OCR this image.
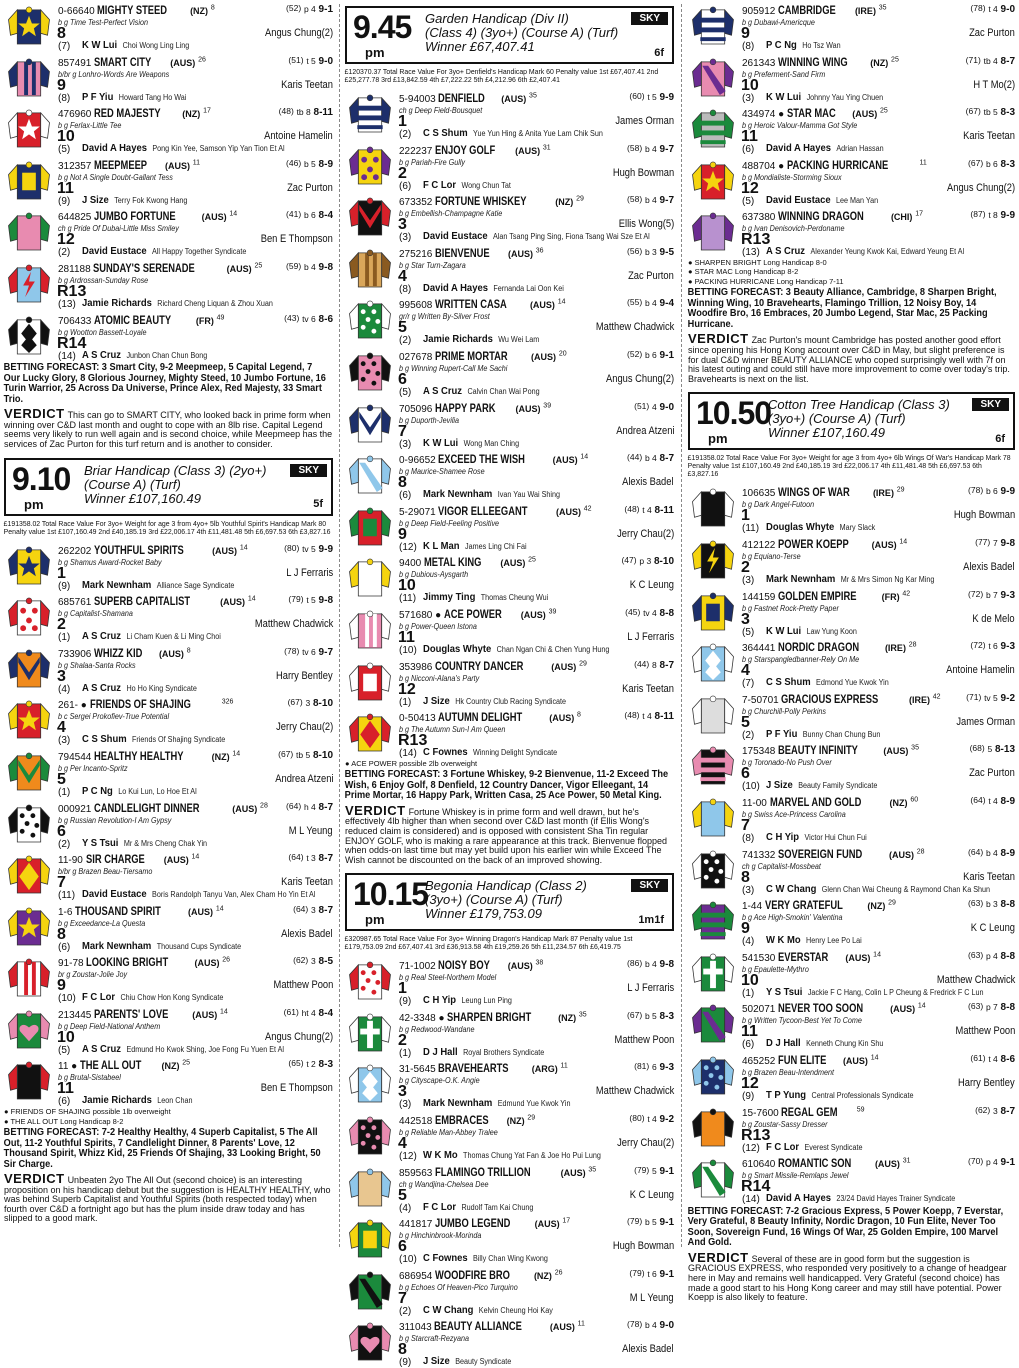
0-66640 MIGHTY STEED	(NZ) $^8$	(52) p 4 9-1
b g Time Test-Perfect Vision
8	Angus Chung(2)
(7) K W Lui Choi Wong Ling Ling
857491 SMART CITY (AUS) $^{26}$	(51) t 5 9-0
b/br g Lonhro-Words Are Weapons
9	Karis Teetan
(8) P F Yiu Howard Tang Ho Wai
476960 RED MAJESTY (NZ) $^{17}$	(48) tb 8 8-11
b g Ferlax-Little Tee
10	Antoine Hamelin
(5) David A Hayes Pong Kin Yee, Samson Yip Yan Tion Et Al
312357 MEEPMEEP (AUS) $^{11}$	(46) b 5 8-9
b g Not A Single Doubt-Gallant Tess
11	Zac Purton
(9) J Size Terry Fok Kwong Hang
644825 JUMBO FORTUNE	(AUS) $^{14}$	(41) b 6 8-4
ch g Pride Of Dubai-Little Miss Smiley
12	Ben E Thompson
(2) David Eustace All Happy Together Syndicate
281188 SUNDAY'S SERENADE	(AUS) $^{25}$	(59) b 4 9-8
b g Ardrossan-Sunday Rose
R13
(13) Jamie Richards Richard Cheng Liquan & Zhou Xuan
706433 ATOMIC BEAUTY	(FR) $^{49}$	(43) tv 6 8-6
b g Wootton Bassett-Loyale
R14
(14) A S Cruz Junbon Chan Chun Bong
BETTING FORECAST: 3 Smart City, 9-2 Meepmeep, 5 Capital Legend, 7 Our Lucky Glory, 8 Glorious Journey, Mighty Steed, 10 Jumbo Fortune, 16 Turin Warrior, 25 Across Da Universe, Prince Alex, Red Majesty, 33 Smart Trio.
VERDICT This can go to SMART CITY, who looked back in prime form when winning over C&D last month and ought to cope with an 8lb rise. Capital Legend seems very likely to run well again and is second choice, while Meepmeep has the services of Zac Purton for this turf return and is another to consider.
9.10
pm
Briar Handicap (Class 3) (2yo+)
(Course A) (Turf)
Winner £107,160.49
SKY
5f
£191358.02 Total Race Value For 3yo+ Weight for age 3 from 4yo+ 5lb Youthful Spirit's Handicap Mark 80 Penalty value 1st £107,160.49 2nd £40,185.19 3rd £22,006.17 4th £11,481.48 5th £6,697.53 6th £3,827.16
262202 YOUTHFUL SPIRITS	(AUS) $^{14}$	(80) tv 5 9-9
b g Shamus Award-Rocket Baby
1	L J Ferraris
(9) Mark Newnham Alliance Sage Syndicate
685761 SUPERB CAPITALIST	(AUS) $^{14}$	(79) t 5 9-8
b g Capitalist-Shamana
2	Matthew Chadwick
(1) A S Cruz Li Cham Kuen & Li Ming Choi
733906 WHIZZ KID (AUS) $^8$	(78) tv 6 9-7
b g Shalaa-Santa Rocks
3	Harry Bentley
(4) A S Cruz Ho Ho King Syndicate
261- ● FRIENDS OF SHAJING	$^{326}$	(67) 3 8-10
b c Sergei Prokofiev-True Potential
4	Jerry Chau(2)
(3) C S Shum Friends Of Shajing Syndicate
794544 HEALTHY HEALTHY	(NZ) $^{14}$	(67) tb 5 8-10
b g Per Incanto-Spritz
5	Andrea Atzeni
(1) P C Ng Lo Kui Lun, Lo Hoe Et Al
000921 CANDLELIGHT DINNER	(AUS) $^{28}$ (64) h 4 8-7
b g Russian Revolution-I Am Gypsy
6	M L Yeung
(2) Y S Tsui Mr & Mrs Cheng Chak Yin
11-90 SIR CHARGE (AUS) $^{14}$	(64) t 3 8-7
b/br g Brazen Beau-Tiersamo
7	Karis Teetan
(11) David Eustace Boris Randolph Tanyu Van, Alex Cham Ho Yin Et Al
1-6 THOUSAND SPIRIT	(AUS) $^{14}$	(64) 3 8-7
b g Exceedance-La Questa
8	Alexis Badel
(6) Mark Newnham Thousand Cups Syndicate
91-78 LOOKING BRIGHT	(AUS) $^{26}$	(62) 3 8-5
br g Zoustar-Jolie Joy
9	Matthew Poon
(10) F C Lor Chiu Chow Hon Kong Syndicate
213445 PARENTS' LOVE	(AUS) $^{14}$	(61) ht 4 8-4
b g Deep Field-National Anthem
10	Angus Chung(2)
(5) A S Cruz Edmund Ho Kwok Shing, Joe Fong Fu Yuen Et Al
11 ● THE ALL OUT (NZ) $^{25}$	(65) t 2 8-3
b g Brutal-Sistabeel
11	Ben E Thompson
(6) Jamie Richards Leon Chan
● FRIENDS OF SHAJING possible 1lb overweight
● THE ALL OUT Long Handicap 8-2
BETTING FORECAST: 7-2 Healthy Healthy, 4 Superb Capitalist, 5 The All Out, 11-2 Youthful Spirits, 7 Candlelight Dinner, 8 Parents' Love, 12 Thousand Spirit, Whizz Kid, 25 Friends Of Shajing, 33 Looking Bright, 50 Sir Charge.
VERDICT Unbeaten 2yo The All Out (second choice) is an interesting proposition on his handicap debut but the suggestion is HEALTHY HEALTHY, who was behind Superb Capitalist and Youthful Spirits (both respected today) when fourth over C&D a fortnight ago but has the plum inside draw today and has slipped to a good mark.
9.45
pm
Garden Handicap (Div II)
(Class 4) (3yo+) (Course A) (Turf)
Winner £67,407.41
SKY
6f
£120370.37 Total Race Value For 3yo+ Denfield's Handicap Mark 60 Penalty value 1st £67,407.41 2nd £25,277.78 3rd £13,842.59 4th £7,222.22 5th £4,212.96 6th £2,407.41
5-94003 DENFIELD (AUS) $^{35}$	(60) t 5 9-9
ch g Deep Field-Bousquet
1	James Orman
(2) C S Shum Yue Yun Hing & Anita Yue Lam Chik Sun
222237 ENJOY GOLF (AUS) $^{31}$	(58) b 4 9-7
b g Pariah-Fire Gully
2	Hugh Bowman
(6) F C Lor Wong Chun Tat
673352 FORTUNE WHISKEY	(NZ) $^{29}$	(58) b 4 9-7
b g Embellish-Champagne Katie
3	Ellis Wong(5)
(3) David Eustace Alan Tsang Ping Sing, Fiona Tsang Wai Sze Et Al
275216 BIENVENUE (AUS) $^{36}$	(56) b 3 9-5
b g Star Turn-Zagara
4	Zac Purton
(8) David A Hayes Fernanda Lai Oon Kei
995608 WRITTEN CASA	(AUS) $^{14}$	(55) b 4 9-4
gr/r g Written By-Silver Frost
5	Matthew Chadwick
(2) Jamie Richards Wu Wei Lam
027678 PRIME MORTAR	(AUS) $^{20}$	(52) b 6 9-1
b g Winning Rupert-Call Me Sachi
6	Angus Chung(2)
(5) A S Cruz Calvin Chan Wai Pong
705096 HAPPY PARK (AUS) $^{39}$	(51) 4 9-0
b g Duporth-Jevilia
7	Andrea Atzeni
(3) K W Lui Wong Man Ching
0-96652 EXCEED THE WISH	(AUS) $^{14}$	(44) b 4 8-7
b g Maurice-Shamee Rose
8	Alexis Badel
(6) Mark Newnham Ivan Yau Wai Shing
5-29071 VIGOR ELLEEGANT	(AUS) $^{42}$	(48) t 4 8-11
b g Deep Field-Feeling Positive
9	Jerry Chau(2)
(12) K L Man James Ling Chi Fai
9400 METAL KING (AUS) $^{25}$	(47) p 3 8-10
b g Dubious-Aysgarth
10	K C Leung
(11) Jimmy Ting Thomas Cheung Wui
571680 ● ACE POWER (AUS) $^{39}$	(45) tv 4 8-8
b g Power-Queen Istona
11	L J Ferraris
(10) Douglas Whyte Chan Ngan Chi & Chen Yung Hung
353986 COUNTRY DANCER	(AUS) $^{29}$	(44) 8 8-7
b g Nicconi-Alana's Party
12	Karis Teetan
(1) J Size Hk Country Club Racing Syndicate
0-50413 AUTUMN DELIGHT	(AUS) $^8$	(48) t 4 8-11
b g The Autumn Sun-I Am Queen
R13
(14) C Fownes Winning Delight Syndicate
● ACE POWER possible 2lb overweight
BETTING FORECAST: 3 Fortune Whiskey, 9-2 Bienvenue, 11-2 Exceed The Wish, 6 Enjoy Golf, 8 Denfield, 12 Country Dancer, Vigor Elleegant, 14 Prime Mortar, 16 Happy Park, Written Casa, 25 Ace Power, 50 Metal King.
VERDICT Fortune Whiskey is in prime form and well drawn, but he's effectively 4lb higher than when second over C&D last month (if Ellis Wong's reduced claim is considered) and is opposed with consistent Sha Tin regular ENJOY GOLF, who is making a rare appearance at this track. Bienvenue flopped when odds-on last time but may yet build upon his earlier win while Exceed The Wish cannot be discounted on the back of an improved showing.
10.15
pm
Begonia Handicap (Class 2)
(3yo+) (Course A) (Turf)
Winner £179,753.09
SKY
1m1f
£320987.65 Total Race Value For 3yo+ Winning Dragon's Handicap Mark 87 Penalty value 1st £179,753.09 2nd £67,407.41 3rd £36,913.58 4th £19,259.26 5th £11,234.57 6th £6,419.75
71-1002 NOISY BOY (AUS) $^{38}$	(86) b 4 9-8
b g Real Steel-Northern Model
1	L J Ferraris
(9) C H Yip Leung Lun Ping
42-3348 ● SHARPEN BRIGHT	(NZ) $^{35}$	(67) b 5 8-3
b g Redwood-Wandane
2	Matthew Poon
(1) D J Hall Royal Brothers Syndicate
31-5645 BRAVEHEARTS	(ARG) $^{11}$	(81) 6 9-3
b g Cityscape-O.K. Angie
3	Matthew Chadwick
(3) Mark Newnham Edmund Yue Kwok Yin
442518 EMBRACES (NZ) $^{29}$	(80) t 4 9-2
b g Reliable Man-Abbey Tralee
4	Jerry Chau(2)
(12) W K Mo Thomas Chung Yat Fan & Joe Ho Pui Lung
859563 FLAMINGO TRILLION	(AUS) $^{35}$	(79) 5 9-1
ch g Wandjina-Chelsea Dee
5	K C Leung
(4) F C Lor Rudolf Tam Kai Chung
441817 JUMBO LEGEND	(AUS) $^{17}$	(79) b 5 9-1
b g Hinchinbrook-Morinda
6	Hugh Bowman
(10) C Fownes Billy Chan Wing Kwong
686954 WOODFIRE BRO	(NZ) $^{26}$	(79) t 6 9-1
b g Echoes Of Heaven-Pico Turquino
7	M L Yeung
(2) C W Chang Kelvin Cheung Hoi Kay
311043 BEAUTY ALLIANCE	(AUS) $^{11}$	(78) b 4 9-0
b g Starcraft-Rezyana
8	Alexis Badel
(9) J Size Beauty Syndicate
905912 CAMBRIDGE (IRE) $^{35}$	(78) t 4 9-0
b g Dubawi-Americque
9	Zac Purton
(8) P C Ng Ho Tsz Wan
261343 WINNING WING (NZ) $^{25}$	(71) tb 4 8-7
b g Preferment-Sand Firm
10	H T Mo(2)
(3) K W Lui Johnny Yau Ying Chuen
434974 ● STAR MAC (AUS) $^{25}$	(67) tb 5 8-3
b g Heroic Valour-Mamma Got Style
11	Karis Teetan
(6) David A Hayes Adrian Hassan
488704 ● PACKING HURRICANE	$^{11}$	(67) b 6 8-3
b g Mondialiste-Storming Sioux
12	Angus Chung(2)
(5) David Eustace Lee Man Yan
637380 WINNING DRAGON	(CHI) $^{17}$	(87) t 8 9-9
b g Ivan Denisovich-Perdoname
R13
(13) A S Cruz Alexander Yeung Kwok Kai, Edward Yeung Et Al
● SHARPEN BRIGHT Long Handicap 8-0
● STAR MAC Long Handicap 8-2
● PACKING HURRICANE Long Handicap 7-11
BETTING FORECAST: 3 Beauty Alliance, Cambridge, 8 Sharpen Bright, Winning Wing, 10 Bravehearts, Flamingo Trillion, 12 Noisy Boy, 14 Woodfire Bro, 16 Embraces, 20 Jumbo Legend, Star Mac, 25 Packing Hurricane.
VERDICT Zac Purton's mount Cambridge has posted another good effort since opening his Hong Kong account over C&D in May, but slight preference is for dual C&D winner BEAUTY ALLIANCE who coped surprisingly well with 7f on his latest outing and could still have more improvement to come over today's trip. Bravehearts is next on the list.
10.50
pm
Cotton Tree Handicap (Class 3)
(3yo+) (Course A) (Turf)
Winner £107,160.49
SKY
6f
£191358.02 Total Race Value For 3yo+ Weight for age 3 from 4yo+ 6lb Wings Of War's Handicap Mark 78 Penalty value 1st £107,160.49 2nd £40,185.19 3rd £22,006.17 4th £11,481.48 5th £6,697.53 6th £3,827.16
106635 WINGS OF WAR	(IRE) $^{29}$	(78) b 6 9-9
b g Dark Angel-Futoon
1	Hugh Bowman
(11) Douglas Whyte Mary Slack
412122 POWER KOEPP	(AUS) $^{14}$	(77) 7 9-8
b g Equiano-Terse
2	Alexis Badel
(3) Mark Newnham Mr & Mrs Simon Ng Kar Ming
144159 GOLDEN EMPIRE	(FR) $^{42}$	(72) b 7 9-3
b g Fastnet Rock-Pretty Paper
3	K de Melo
(5) K W Lui Law Yung Koon
364441 NORDIC DRAGON	(IRE) $^{28}$	(72) t 6 9-3
b g Starspangledbanner-Rely On Me
4	Antoine Hamelin
(7) C S Shum Edmond Yue Kwok Yin
7-50701 GRACIOUS EXPRESS	(IRE) $^{42}$	(71) tv 5 9-2
b g Churchill-Polly Perkins
5	James Orman
(2) P F Yiu Bunny Chan Chung Bun
175348 BEAUTY INFINITY	(AUS) $^{35}$	(68) 5 8-13
b g Toronado-No Push Over
6	Zac Purton
(10) J Size Beauty Family Syndicate
11-00 MARVEL AND GOLD	(NZ) $^{60}$	(64) t 4 8-9
b g Swiss Ace-Princess Carolina
7
(8) C H Yip Victor Hui Chun Fui
741332 SOVEREIGN FUND	(AUS) $^{28}$	(64) b 4 8-9
ch g Capitalist-Mossbeat
8	Karis Teetan
(3) C W Chang Glenn Chan Wai Cheung & Raymond Chan Ka Shun
1-44 VERY GRATEFUL	(NZ) $^{29}$	(63) b 3 8-8
b g Ace High-Smokin' Valentina
9	K C Leung
(4) W K Mo Henry Lee Po Lai
541530 EVERSTAR (AUS) $^{14}$	(63) p 4 8-8
b g Epaulette-Mythro
10	Matthew Chadwick
(1) Y S Tsui Jackie F C Hang, Colin L P Cheung & Fredrick F C Lun
502071 NEVER TOO SOON	(AUS) $^{14}$	(63) p 7 8-8
b g Written Tycoon-Best Yet To Come
11	Matthew Poon
(6) D J Hall Kenneth Chung Kin Shu
465252 FUN ELITE (AUS) $^{14}$	(61) t 4 8-6
b g Brazen Beau-Intendment
12	Harry Bentley
(9) T P Yung Central Professionals Syndicate
15-7600 REGAL GEM	$^{59}$	(62) 3 8-7
b g Zoustar-Sassy Dresser
R13
(12) F C Lor Everest Syndicate
610640 ROMANTIC SON	(AUS) $^{31}$	(70) p 4 9-1
b g Smart Missile-Remlaps Jewel
R14
(14) David A Hayes 23/24 David Hayes Trainer Syndicate
BETTING FORECAST: 7-2 Gracious Express, 5 Power Koepp, 7 Everstar, Very Grateful, 8 Beauty Infinity, Nordic Dragon, 10 Fun Elite, Never Too Soon, Sovereign Fund, 16 Wings Of War, 25 Golden Empire, 100 Marvel And Gold.
VERDICT Several of these are in good form but the suggestion is GRACIOUS EXPRESS, who responded very positively to a change of headgear here in May and remains well handicapped. Very Grateful (second choice) has made a good start to his Hong Kong career and may still have potential. Power Koepp is also likely to feature.
